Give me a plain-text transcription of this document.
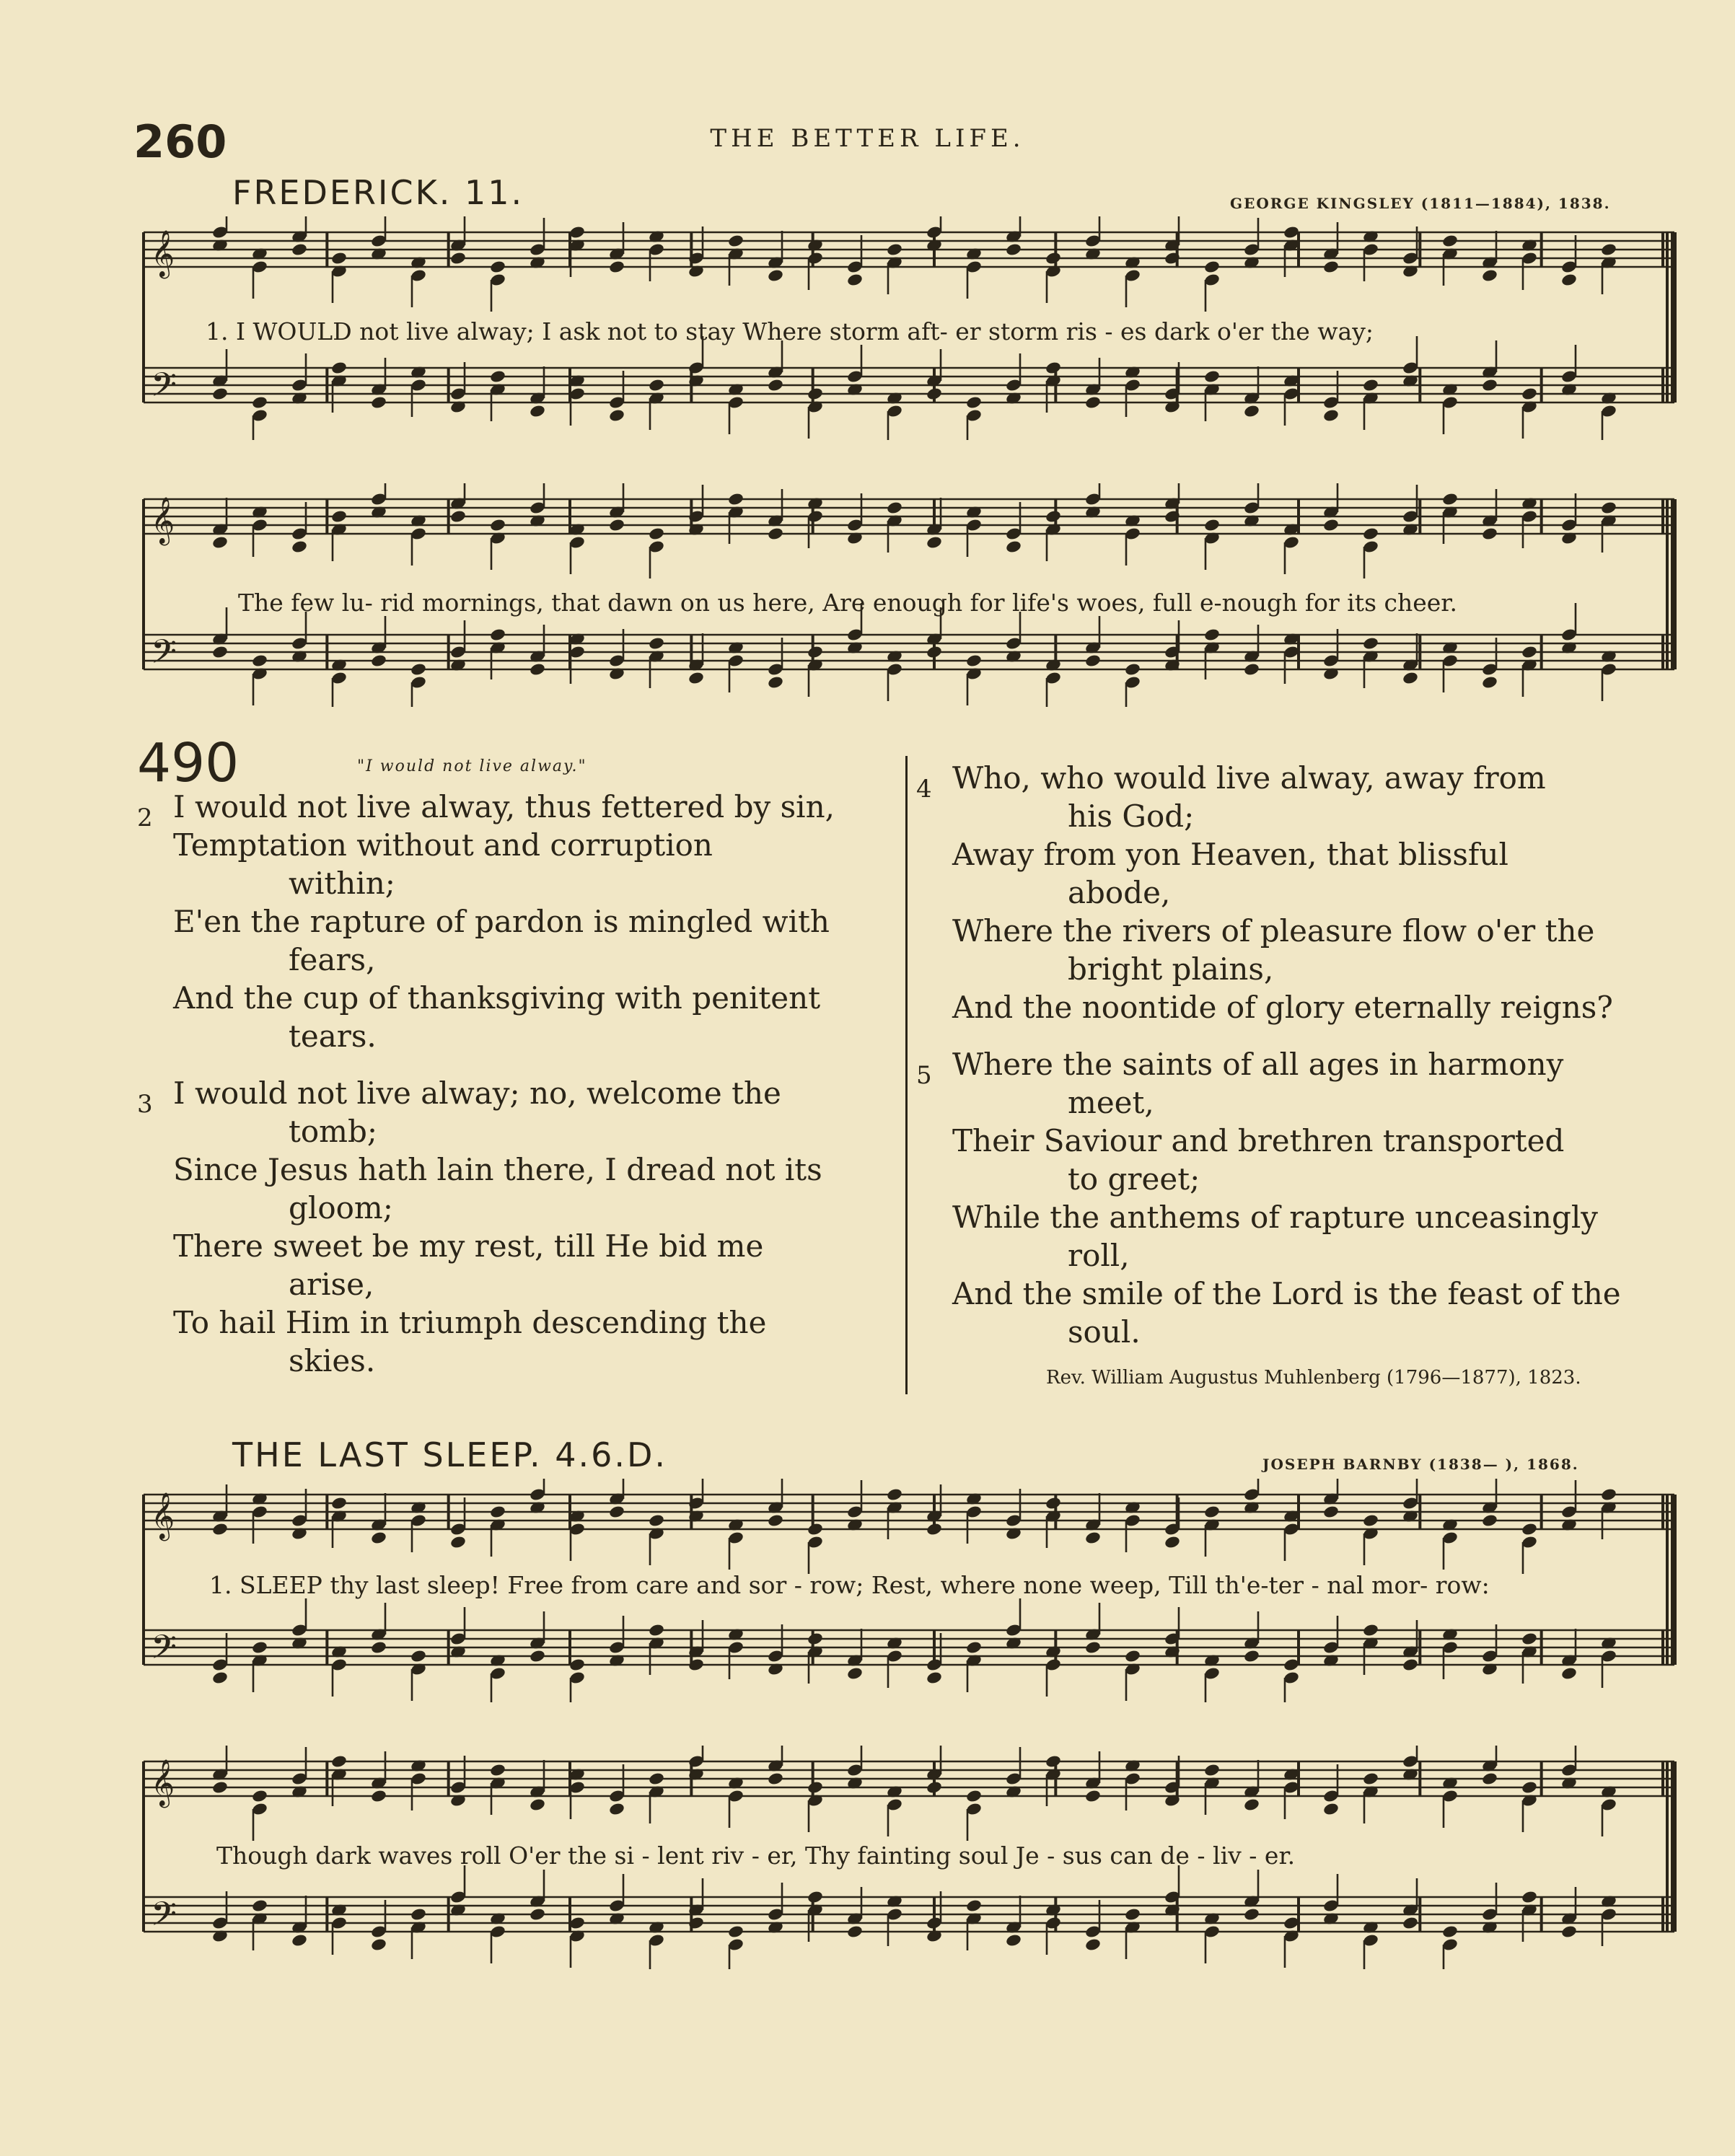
260	THE BETTER LIFE.
FREDERICK. 11.	GEORGE KINGSLEY (1811—1884), 1838.
𝄞
𝄢
1. I WOULD not live alway; I ask not to stay Where storm aft- er storm ris - es dark o'er the way;
𝄞
𝄢
The few lu- rid mornings, that dawn on us here, Are enough for life's woes, full e-nough for its cheer.
490	"I would not live alway."
2 I would not live alway, thus fettered by sin,
Temptation without and corruption
within;
E'en the rapture of pardon is mingled with
fears,
And the cup of thanksgiving with penitent
tears.
3 I would not live alway; no, welcome the
tomb;
Since Jesus hath lain there, I dread not its
gloom;
There sweet be my rest, till He bid me
arise,
To hail Him in triumph descending the
skies.
4 Who, who would live alway, away from
his God;
Away from yon Heaven, that blissful
abode,
Where the rivers of pleasure flow o'er the
bright plains,
And the noontide of glory eternally reigns?
5 Where the saints of all ages in harmony
meet,
Their Saviour and brethren transported
to greet;
While the anthems of rapture unceasingly
roll,
And the smile of the Lord is the feast of the
soul.
Rev. William Augustus Muhlenberg (1796—1877), 1823.
THE LAST SLEEP. 4.6.D.	JOSEPH BARNBY (1838— ), 1868.
𝄞
𝄢
1. SLEEP thy last sleep! Free from care and sor - row; Rest, where none weep, Till th'e-ter - nal mor- row:
𝄞
𝄢
Though dark waves roll O'er the si - lent riv - er, Thy fainting soul Je - sus can de - liv - er.
